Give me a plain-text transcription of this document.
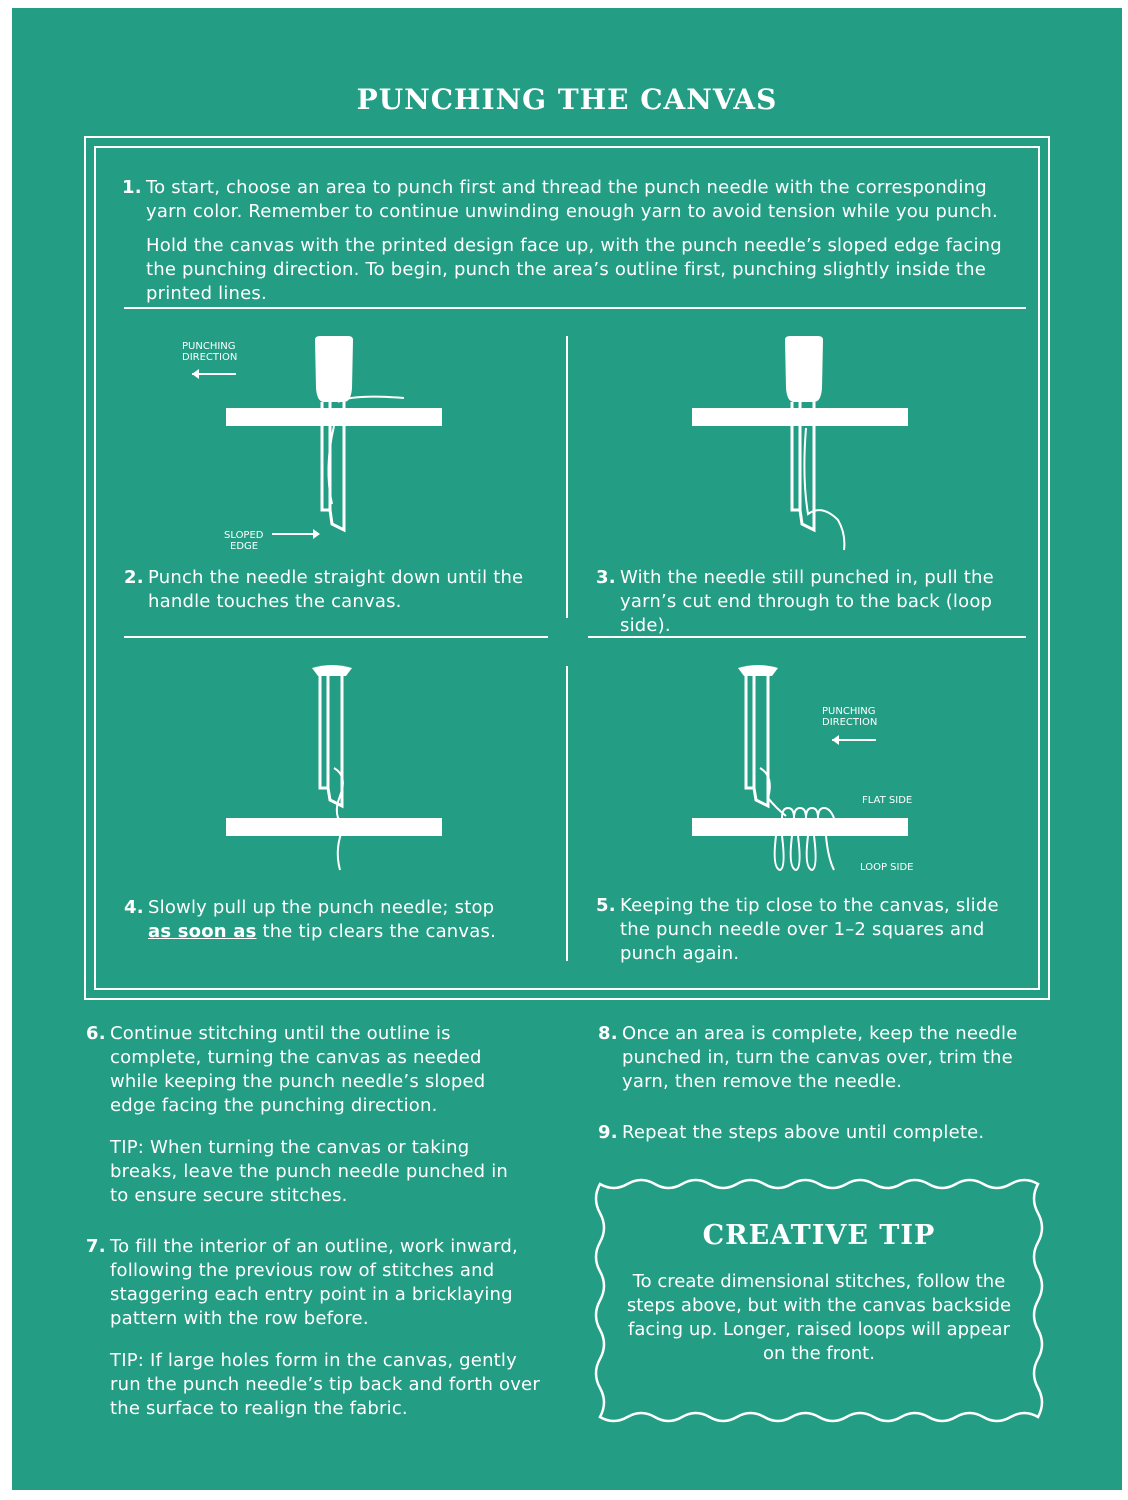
PUNCHING THE CANVAS
1. To start, choose an area to punch first and thread the punch needle with the corresponding yarn color. Remember to continue unwinding enough yarn to avoid tension while you punch.

Hold the canvas with the printed design face up, with the punch needle’s sloped edge facing the punching direction. To begin, punch the area’s outline first, punching slightly inside the printed lines.

PUNCHING
DIRECTION
SLOPED
EDGE
2. Punch the needle straight down until the handle touches the canvas.
3. With the needle still punched in, pull the yarn’s cut end through to the back (loop side).
PUNCHING
DIRECTION
FLAT SIDE
LOOP SIDE
4. Slowly pull up the punch needle; stop
as soon as the tip clears the canvas.
5. Keeping the tip close to the canvas, slide the punch needle over 1–2 squares and punch again.
6. Continue stitching until the outline is complete, turning the canvas as needed while keeping the punch needle’s sloped edge facing the punching direction.

TIP: When turning the canvas or taking breaks, leave the punch needle punched in to ensure secure stitches.

7. To fill the interior of an outline, work inward, following the previous row of stitches and staggering each entry point in a bricklaying pattern with the row before.

TIP: If large holes form in the canvas, gently run the punch needle’s tip back and forth over the surface to realign the fabric.

8. Once an area is complete, keep the needle punched in, turn the canvas over, trim the yarn, then remove the needle.
9. Repeat the steps above until complete.
CREATIVE TIP

To create dimensional stitches, follow the steps above, but with the canvas backside facing up. Longer, raised loops will appear on the front.
